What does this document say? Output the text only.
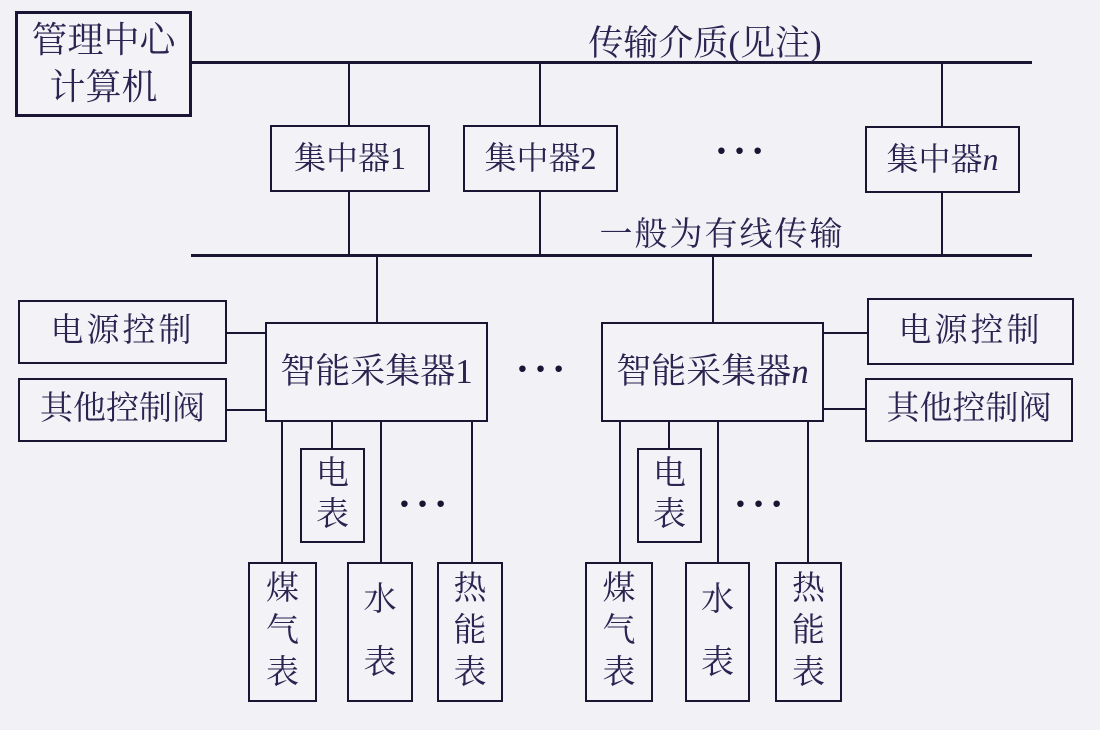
传输介质(见注)
一般为有线传输
管理中心
计算机
集中器1 集中器2	···	集中器n
电源控制
其他控制阀
智能采集器1	···	智能采集器n
电源控制
其他控制阀
电
表	···
煤
气
表
水
表
热
能
表
电
表	···
煤
气
表
水
表
热
能
表
